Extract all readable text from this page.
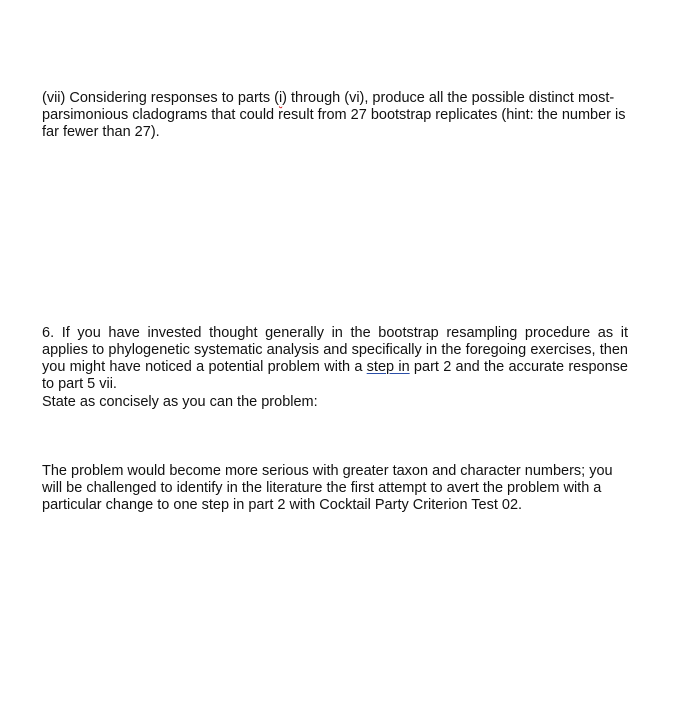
(vii) Considering responses to parts (i) through (vi), produce all the possible distinct most-parsimonious cladograms that could result from 27 bootstrap replicates (hint: the number is far fewer than 27).

6. If you have invested thought generally in the bootstrap resampling procedure as it applies to phylogenetic systematic analysis and specifically in the foregoing exercises, then you might have noticed a potential problem with a step in part 2 and the accurate response to part 5 vii.

State as concisely as you can the problem:

The problem would become more serious with greater taxon and character numbers; you will be challenged to identify in the literature the first attempt to avert the problem with a particular change to one step in part 2 with Cocktail Party Criterion Test 02.
